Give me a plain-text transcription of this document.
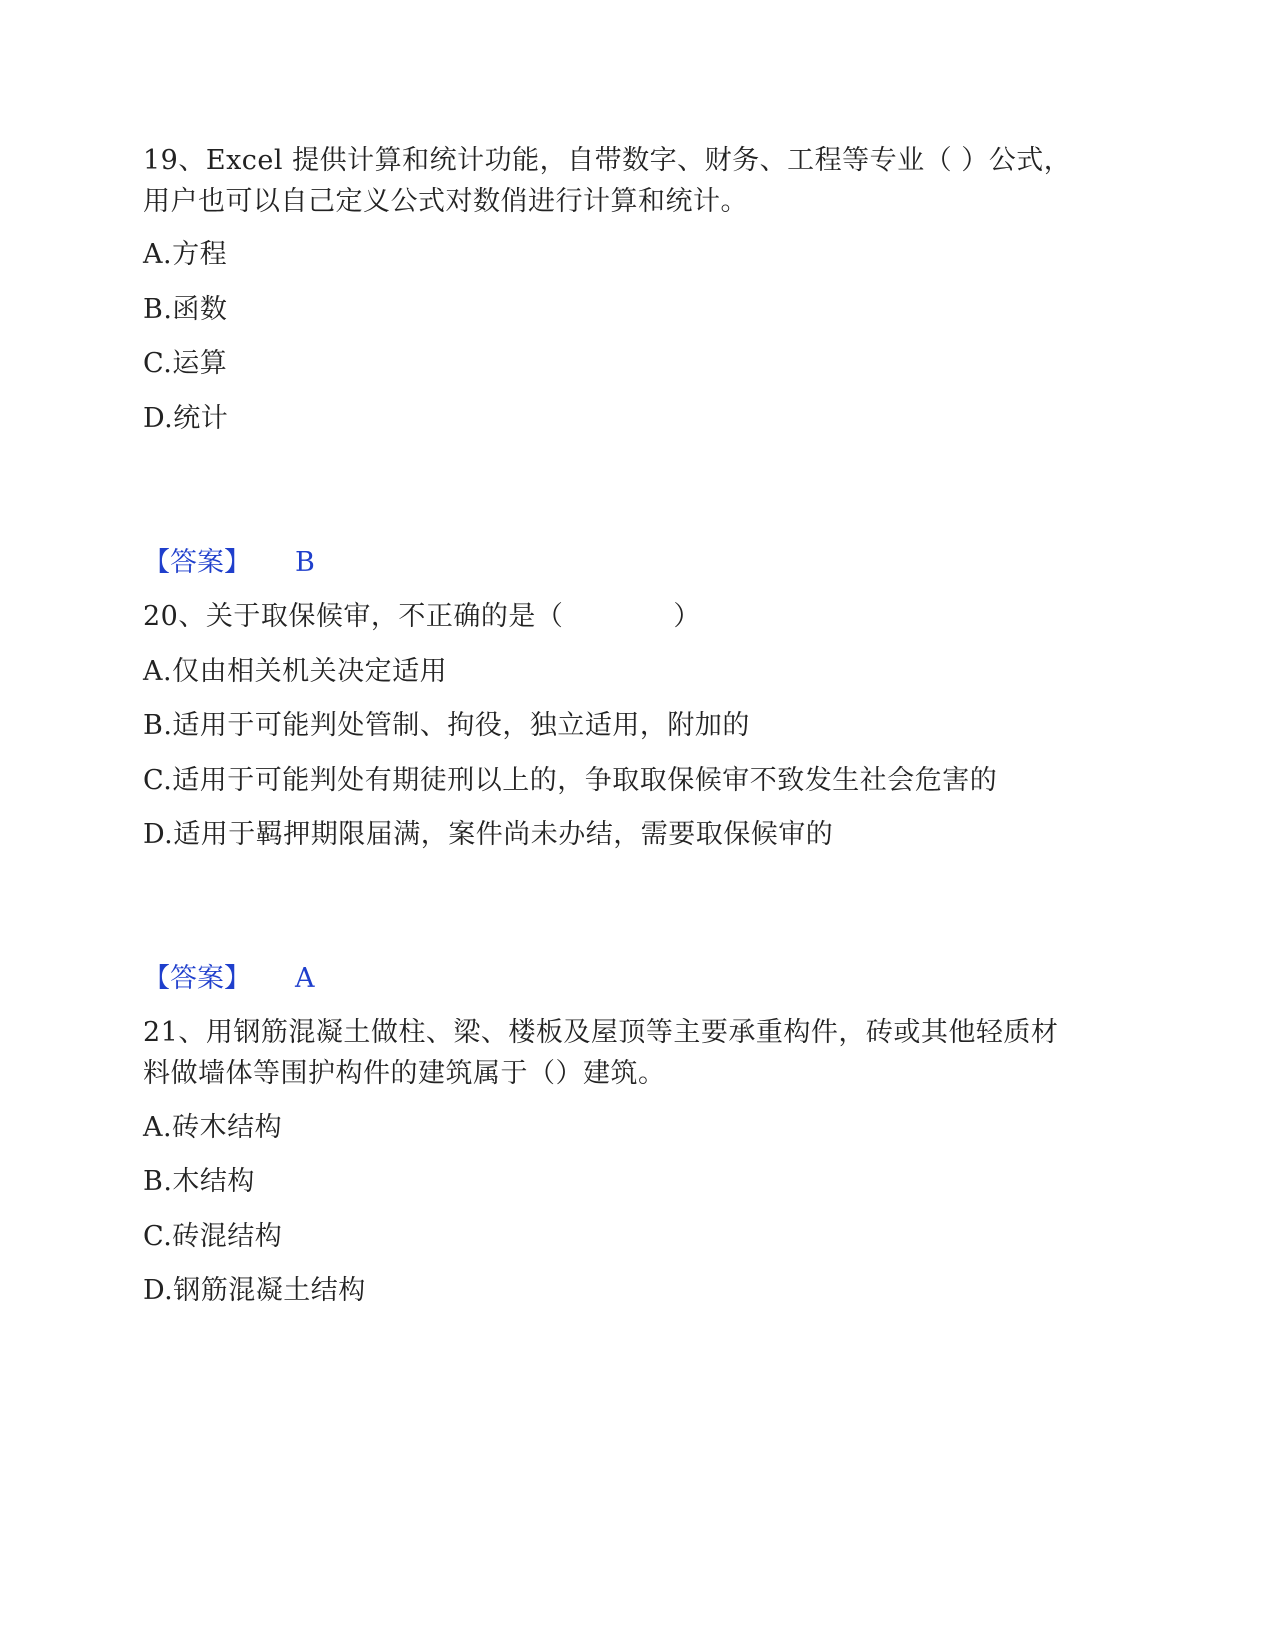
19、Excel 提供计算和统计功能，自带数字、财务、工程等专业（ ）公式，
用户也可以自己定义公式对数俏进行计算和统计。
A.方程
B.函数
C.运算
D.统计
【答案】 B
20、关于取保候审，不正确的是（　　　　）
A.仅由相关机关决定适用
B.适用于可能判处管制、拘役，独立适用，附加的
C.适用于可能判处有期徒刑以上的，争取取保候审不致发生社会危害的
D.适用于羁押期限届满，案件尚未办结，需要取保候审的
【答案】 A
21、用钢筋混凝土做柱、梁、楼板及屋顶等主要承重构件，砖或其他轻质材
料做墙体等围护构件的建筑属于（）建筑。
A.砖木结构
B.木结构
C.砖混结构
D.钢筋混凝土结构
